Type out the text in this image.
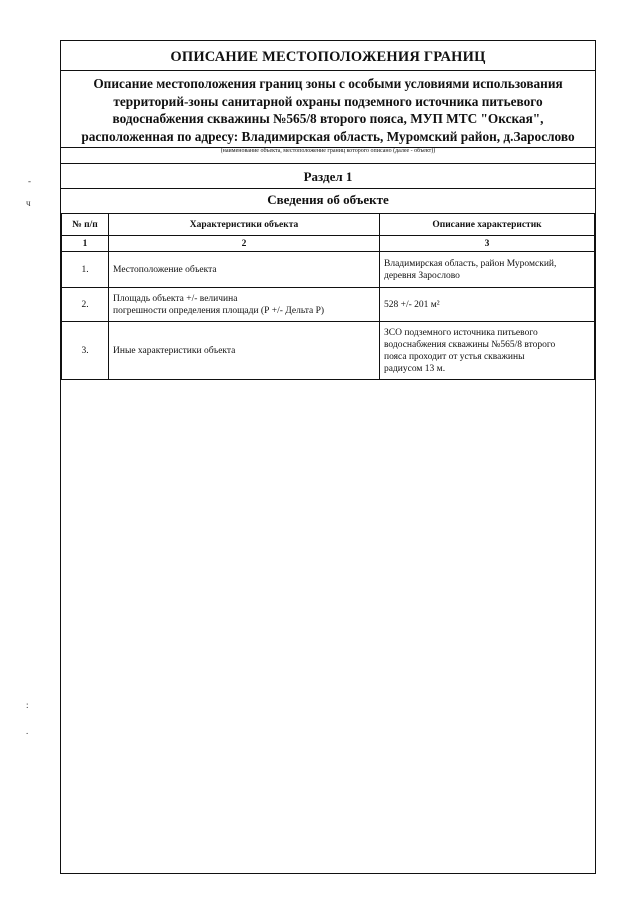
-
ч
:
.
ОПИСАНИЕ МЕСТОПОЛОЖЕНИЯ ГРАНИЦ
Описание местоположения границ зоны с особыми условиями использования
территорий-зоны санитарной охраны подземного источника питьевого
водоснабжения скважины №565/8 второго пояса, МУП МТС "Окская",
расположенная по адресу: Владимирская область, Муромский район, д.Зарослово
(наименование объекта, местоположение границ которого описано (далее - объект))
Раздел 1
Сведения об объекте
№ п/п	Характеристики объекта	Описание характеристик
1	2	3
1.	Местоположение объекта	Владимирская область, район Муромский,
деревня Зарослово

2.	Площадь объекта +/- величина
погрешности определения площади (Р +/- Дельта Р)	528 +/- 201 м²

3.	Иные характеристики объекта	ЗСО подземного источника питьевого
водоснабжения скважины №565/8 второго
пояса проходит от устья скважины
радиусом 13 м.
